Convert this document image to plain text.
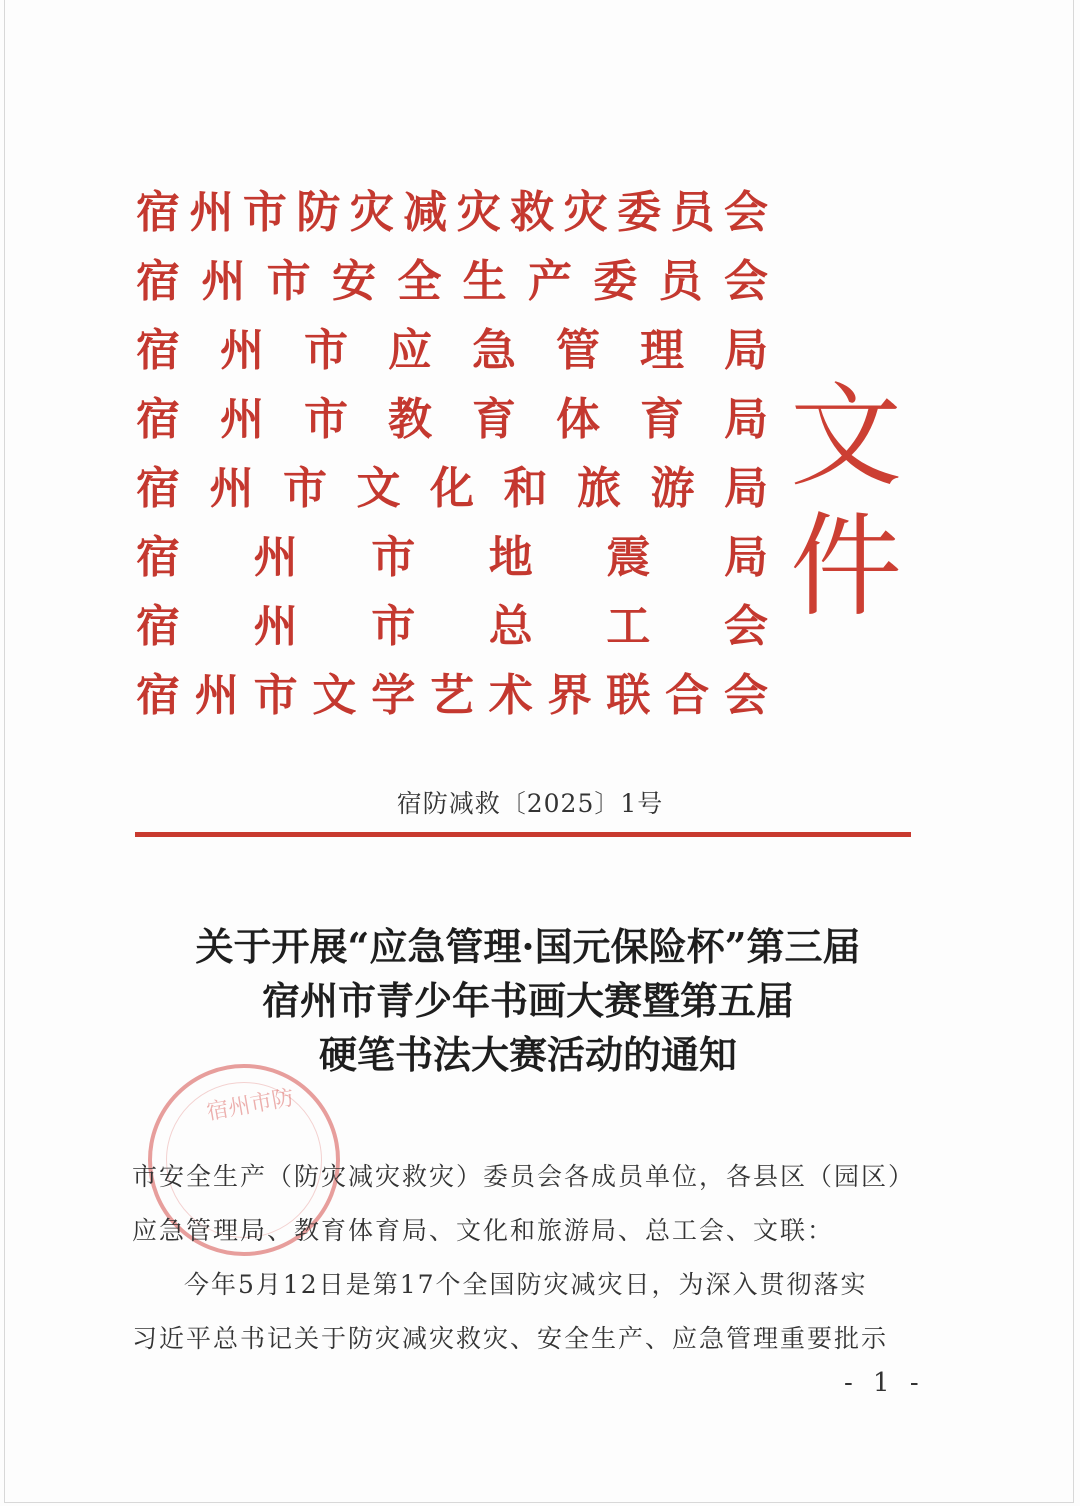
宿 州 市 防 灾 减 灾 救 灾 委 员 会
宿 州 市 安 全 生 产 委 员 会
宿 州 市 应 急 管 理 局
宿 州 市 教 育 体 育 局
宿 州 市 文 化 和 旅 游 局
宿 州 市 地 震 局
宿 州 市 总 工 会
宿 州 市 文 学 艺 术 界 联 合 会
文件
宿防减救〔2025〕1号
关于开展“应急管理·国元保险杯”第三届
宿州市青少年书画大赛暨第五届
硬笔书法大赛活动的通知
宿州市防

市安全生产（防灾减灾救灾）委员会各成员单位，各县区（园区）

应急管理局、教育体育局、文化和旅游局、总工会、文联：

今年5月12日是第17个全国防灾减灾日，为深入贯彻落实

习近平总书记关于防灾减灾救灾、安全生产、应急管理重要批示

- 1 -
